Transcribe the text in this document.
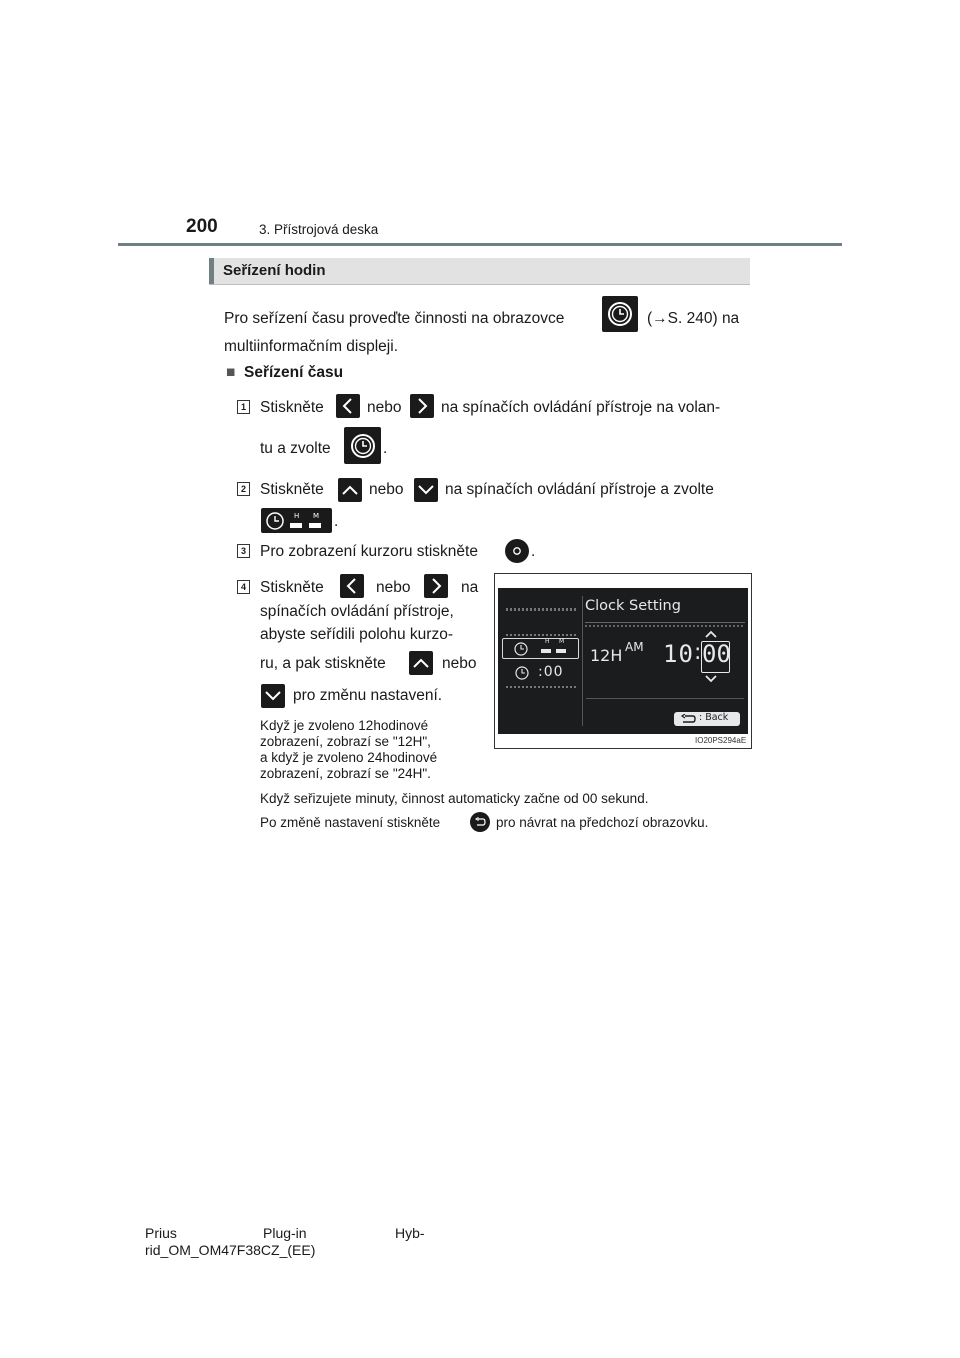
200	3. Přístrojová deska
Seřízení hodin
Pro seřízení času proveďte činnosti na obrazovce	(→S. 240) na
multiinformačním displeji.
■ Seřízení času
1 Stiskněte	nebo	na spínačích ovládání přístroje na volan-
tu a zvolte	.
2 Stiskněte	nebo	na spínačích ovládání přístroje a zvolte
H M .
3 Pro zobrazení kurzoru stiskněte	.
4 Stiskněte	nebo	na
spínačích ovládání přístroje,
abyste seřídili polohu kurzo-
ru, a pak stiskněte	nebo
pro změnu nastavení.
Když je zvoleno 12hodinové
zobrazení, zobrazí se "12H",
a když je zvoleno 24hodinové
zobrazení, zobrazí se "24H".
H M
:00
Clock Setting
12H AM 10 : 00
: Back
IO20PS294aE
Když seřizujete minuty, činnost automaticky začne od 00 sekund.
Po změně nastavení stiskněte	pro návrat na předchozí obrazovku.
Prius	Plug-in	Hyb-
rid_OM_OM47F38CZ_(EE)
